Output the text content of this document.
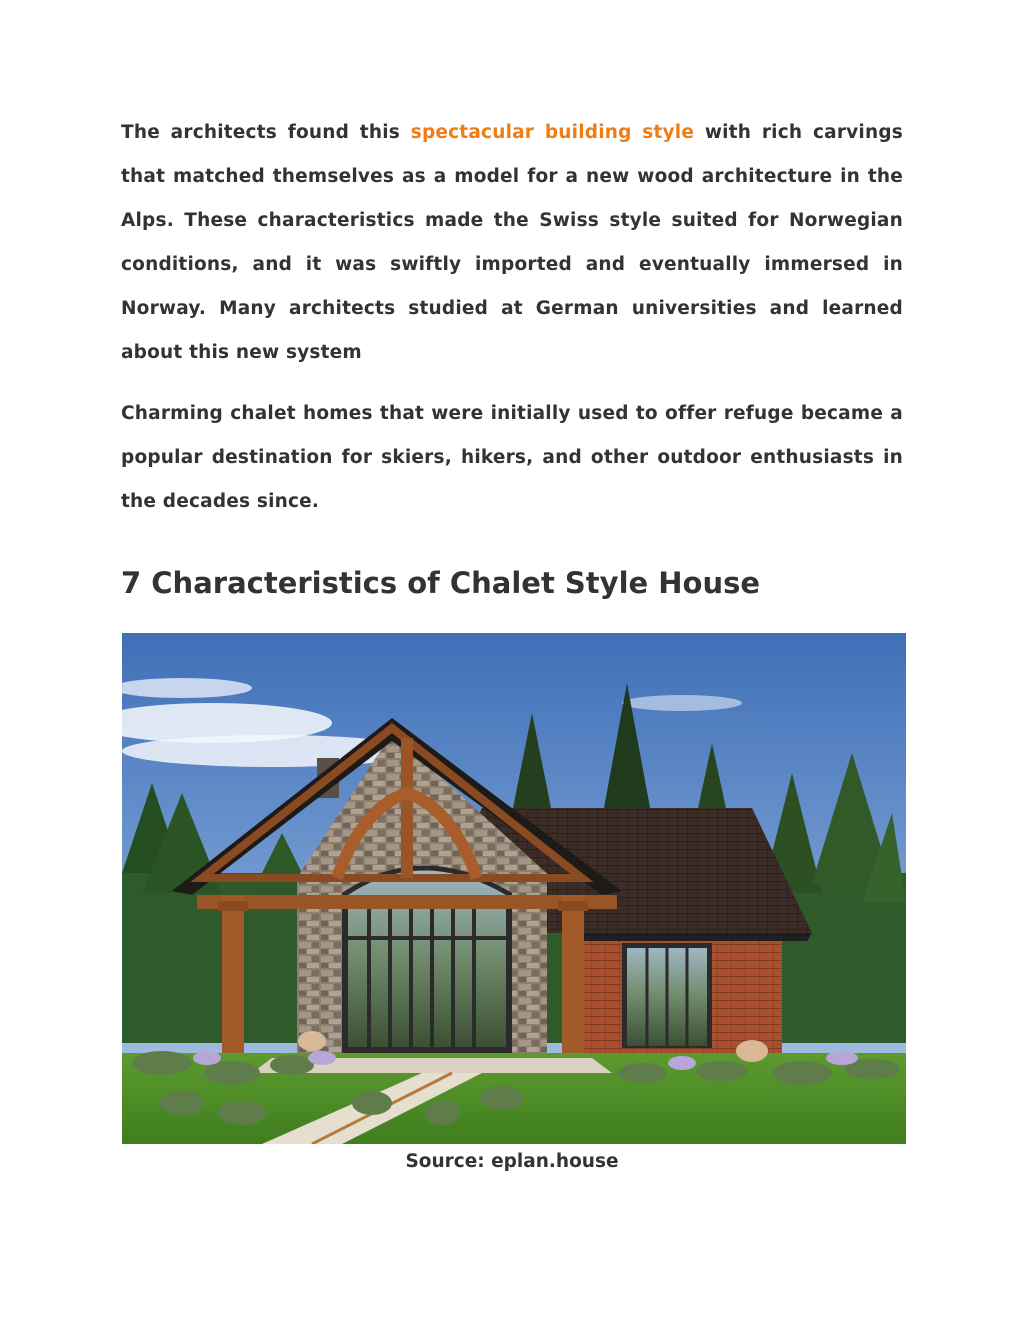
The architects found this spectacular building style with rich carvings that matched themselves as a model for a new wood architecture in the Alps. These characteristics made the Swiss style suited for Norwegian conditions, and it was swiftly imported and eventually immersed in Norway. Many architects studied at German universities and learned about this new system

Charming chalet homes that were initially used to offer refuge became a popular destination for skiers, hikers, and other outdoor enthusiasts in the decades since.

7 Characteristics of Chalet Style House
Source: eplan.house
